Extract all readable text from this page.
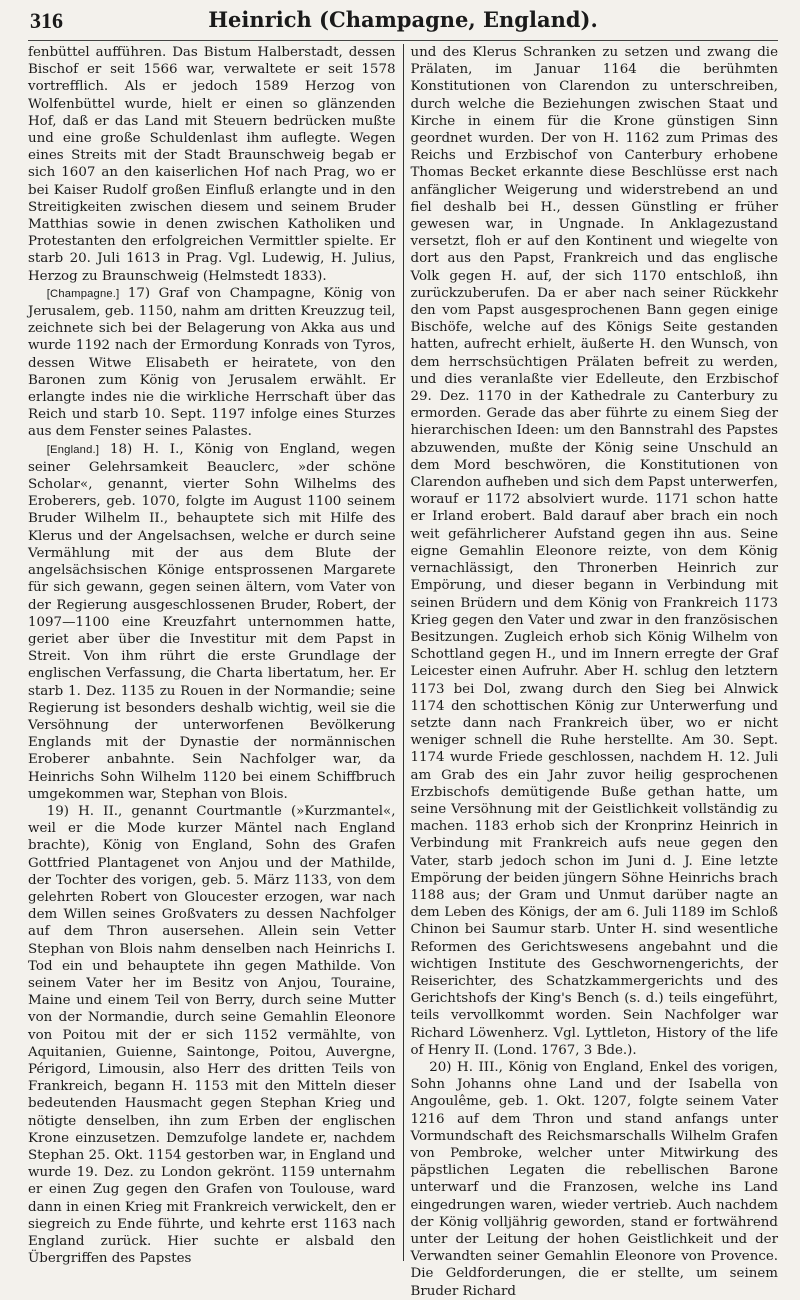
316	Heinrich (Champagne, England).

fenbüttel aufführen. Das Bistum Halberstadt, dessen Bischof er seit 1566 war, verwaltete er seit 1578 vortrefflich. Als er jedoch 1589 Herzog von Wolfenbüttel wurde, hielt er einen so glänzenden Hof, daß er das Land mit Steuern bedrücken mußte und eine große Schuldenlast ihm auflegte. Wegen eines Streits mit der Stadt Braunschweig begab er sich 1607 an den kaiserlichen Hof nach Prag, wo er bei Kaiser Rudolf großen Einfluß erlangte und in den Streitigkeiten zwischen diesem und seinem Bruder Matthias sowie in denen zwischen Katholiken und Protestanten den erfolgreichen Vermittler spielte. Er starb 20. Juli 1613 in Prag. Vgl. Ludewig, H. Julius, Herzog zu Braunschweig (Helmstedt 1833).

[Champagne.] 17) Graf von Champagne, König von Jerusalem, geb. 1150, nahm am dritten Kreuzzug teil, zeichnete sich bei der Belagerung von Akka aus und wurde 1192 nach der Ermordung Konrads von Tyros, dessen Witwe Elisabeth er heiratete, von den Baronen zum König von Jerusalem erwählt. Er erlangte indes nie die wirkliche Herrschaft über das Reich und starb 10. Sept. 1197 infolge eines Sturzes aus dem Fenster seines Palastes.

[England.] 18) H. I., König von England, wegen seiner Gelehrsamkeit Beauclerc, »der schöne Scholar«, genannt, vierter Sohn Wilhelms des Eroberers, geb. 1070, folgte im August 1100 seinem Bruder Wilhelm II., behauptete sich mit Hilfe des Klerus und der Angelsachsen, welche er durch seine Vermählung mit der aus dem Blute der angelsächsischen Könige entsprossenen Margarete für sich gewann, gegen seinen ältern, vom Vater von der Regierung ausgeschlossenen Bruder, Robert, der 1097—1100 eine Kreuzfahrt unternommen hatte, geriet aber über die Investitur mit dem Papst in Streit. Von ihm rührt die erste Grundlage der englischen Verfassung, die Charta libertatum, her. Er starb 1. Dez. 1135 zu Rouen in der Normandie; seine Regierung ist besonders deshalb wichtig, weil sie die Versöhnung der unterworfenen Bevölkerung Englands mit der Dynastie der normännischen Eroberer anbahnte. Sein Nachfolger war, da Heinrichs Sohn Wilhelm 1120 bei einem Schiffbruch umgekommen war, Stephan von Blois.

19) H. II., genannt Courtmantle (»Kurzmantel«, weil er die Mode kurzer Mäntel nach England brachte), König von England, Sohn des Grafen Gottfried Plantagenet von Anjou und der Mathilde, der Tochter des vorigen, geb. 5. März 1133, von dem gelehrten Robert von Gloucester erzogen, war nach dem Willen seines Großvaters zu dessen Nachfolger auf dem Thron ausersehen. Allein sein Vetter Stephan von Blois nahm denselben nach Heinrichs I. Tod ein und behauptete ihn gegen Mathilde. Von seinem Vater her im Besitz von Anjou, Touraine, Maine und einem Teil von Berry, durch seine Mutter von der Normandie, durch seine Gemahlin Eleonore von Poitou mit der er sich 1152 vermählte, von Aquitanien, Guienne, Saintonge, Poitou, Auvergne, Périgord, Limousin, also Herr des dritten Teils von Frankreich, begann H. 1153 mit den Mitteln dieser bedeutenden Hausmacht gegen Stephan Krieg und nötigte denselben, ihn zum Erben der englischen Krone einzusetzen. Demzufolge landete er, nachdem Stephan 25. Okt. 1154 gestorben war, in England und wurde 19. Dez. zu London gekrönt. 1159 unternahm er einen Zug gegen den Grafen von Toulouse, ward dann in einen Krieg mit Frankreich verwickelt, den er siegreich zu Ende führte, und kehrte erst 1163 nach England zurück. Hier suchte er alsbald den Übergriffen des Papstes

und des Klerus Schranken zu setzen und zwang die Prälaten, im Januar 1164 die berühmten Konstitutionen von Clarendon zu unterschreiben, durch welche die Beziehungen zwischen Staat und Kirche in einem für die Krone günstigen Sinn geordnet wurden. Der von H. 1162 zum Primas des Reichs und Erzbischof von Canterbury erhobene Thomas Becket erkannte diese Beschlüsse erst nach anfänglicher Weigerung und widerstrebend an und fiel deshalb bei H., dessen Günstling er früher gewesen war, in Ungnade. In Anklagezustand versetzt, floh er auf den Kontinent und wiegelte von dort aus den Papst, Frankreich und das englische Volk gegen H. auf, der sich 1170 entschloß, ihn zurückzuberufen. Da er aber nach seiner Rückkehr den vom Papst ausgesprochenen Bann gegen einige Bischöfe, welche auf des Königs Seite gestanden hatten, aufrecht erhielt, äußerte H. den Wunsch, von dem herrschsüchtigen Prälaten befreit zu werden, und dies veranlaßte vier Edelleute, den Erzbischof 29. Dez. 1170 in der Kathedrale zu Canterbury zu ermorden. Gerade das aber führte zu einem Sieg der hierarchischen Ideen: um den Bannstrahl des Papstes abzuwenden, mußte der König seine Unschuld an dem Mord beschwören, die Konstitutionen von Clarendon aufheben und sich dem Papst unterwerfen, worauf er 1172 absolviert wurde. 1171 schon hatte er Irland erobert. Bald darauf aber brach ein noch weit gefährlicherer Aufstand gegen ihn aus. Seine eigne Gemahlin Eleonore reizte, von dem König vernachlässigt, den Thronerben Heinrich zur Empörung, und dieser begann in Verbindung mit seinen Brüdern und dem König von Frankreich 1173 Krieg gegen den Vater und zwar in den französischen Besitzungen. Zugleich erhob sich König Wilhelm von Schottland gegen H., und im Innern erregte der Graf Leicester einen Aufruhr. Aber H. schlug den letztern 1173 bei Dol, zwang durch den Sieg bei Alnwick 1174 den schottischen König zur Unterwerfung und setzte dann nach Frankreich über, wo er nicht weniger schnell die Ruhe herstellte. Am 30. Sept. 1174 wurde Friede geschlossen, nachdem H. 12. Juli am Grab des ein Jahr zuvor heilig gesprochenen Erzbischofs demütigende Buße gethan hatte, um seine Versöhnung mit der Geistlichkeit vollständig zu machen. 1183 erhob sich der Kronprinz Heinrich in Verbindung mit Frankreich aufs neue gegen den Vater, starb jedoch schon im Juni d. J. Eine letzte Empörung der beiden jüngern Söhne Heinrichs brach 1188 aus; der Gram und Unmut darüber nagte an dem Leben des Königs, der am 6. Juli 1189 im Schloß Chinon bei Saumur starb. Unter H. sind wesentliche Reformen des Gerichtswesens angebahnt und die wichtigen Institute des Geschwornengerichts, der Reiserichter, des Schatzkammergerichts und des Gerichtshofs der King's Bench (s. d.) teils eingeführt, teils vervollkommt worden. Sein Nachfolger war Richard Löwenherz. Vgl. Lyttleton, History of the life of Henry II. (Lond. 1767, 3 Bde.).

20) H. III., König von England, Enkel des vorigen, Sohn Johanns ohne Land und der Isabella von Angoulême, geb. 1. Okt. 1207, folgte seinem Vater 1216 auf dem Thron und stand anfangs unter Vormundschaft des Reichsmarschalls Wilhelm Grafen von Pembroke, welcher unter Mitwirkung des päpstlichen Legaten die rebellischen Barone unterwarf und die Franzosen, welche ins Land eingedrungen waren, wieder vertrieb. Auch nachdem der König volljährig geworden, stand er fortwährend unter der Leitung der hohen Geistlichkeit und der Verwandten seiner Gemahlin Eleonore von Provence. Die Geldforderungen, die er stellte, um seinem Bruder Richard
